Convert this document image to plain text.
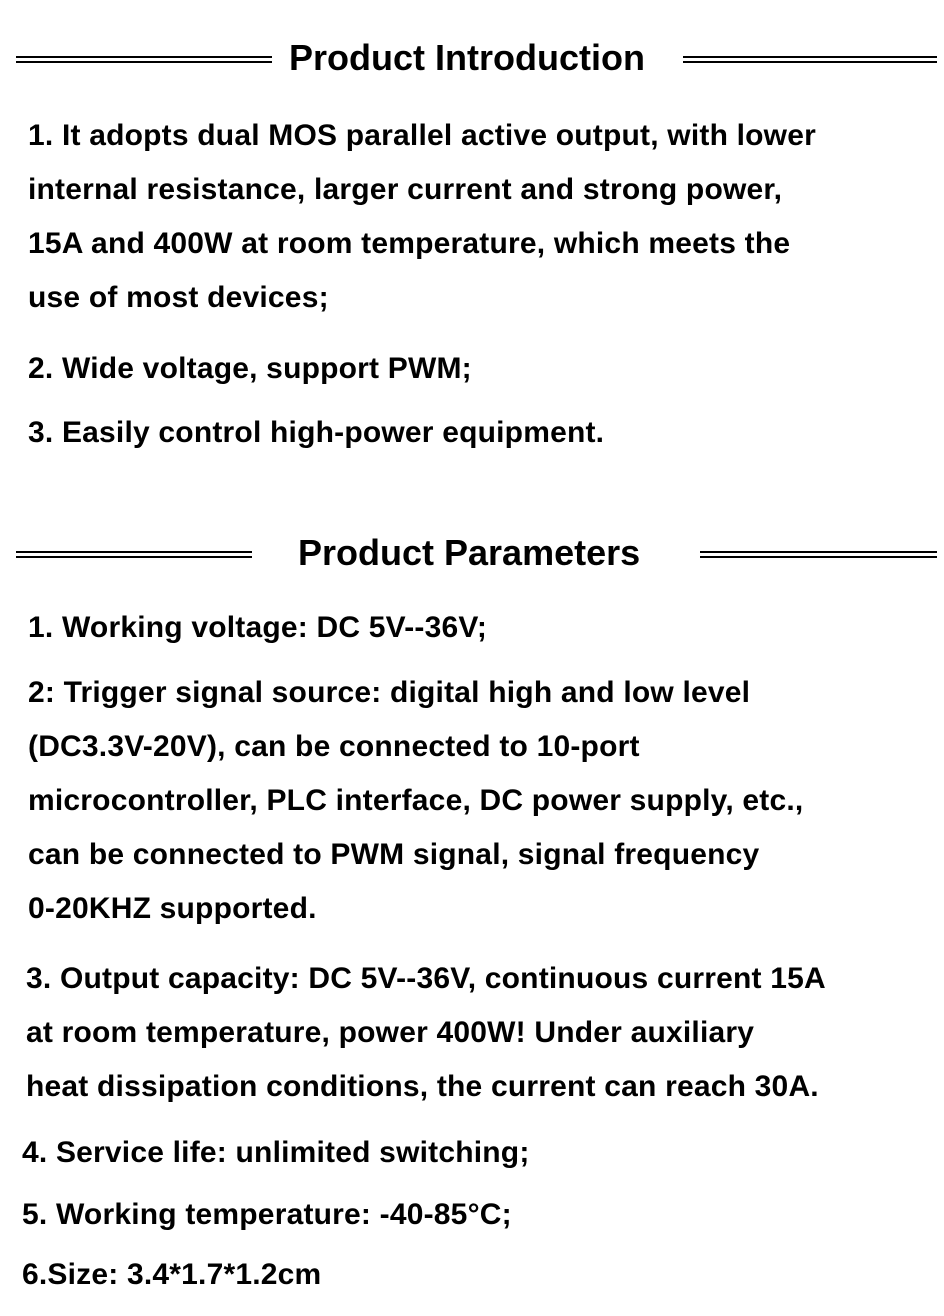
Product Introduction
1. It adopts dual MOS parallel active output, with lower
internal resistance, larger current and strong power,
15A and 400W at room temperature, which meets the
use of most devices;
2. Wide voltage, support PWM;
3. Easily control high-power equipment.
Product Parameters
1. Working voltage: DC 5V--36V;
2: Trigger signal source: digital high and low level
(DC3.3V-20V), can be connected to 10-port
microcontroller, PLC interface, DC power supply, etc.,
can be connected to PWM signal, signal frequency
0-20KHZ supported.
3. Output capacity: DC 5V--36V, continuous current 15A
at room temperature, power 400W! Under auxiliary
heat dissipation conditions, the current can reach 30A.
4. Service life: unlimited switching;
5. Working temperature: -40-85°C;
6.Size: 3.4*1.7*1.2cm
